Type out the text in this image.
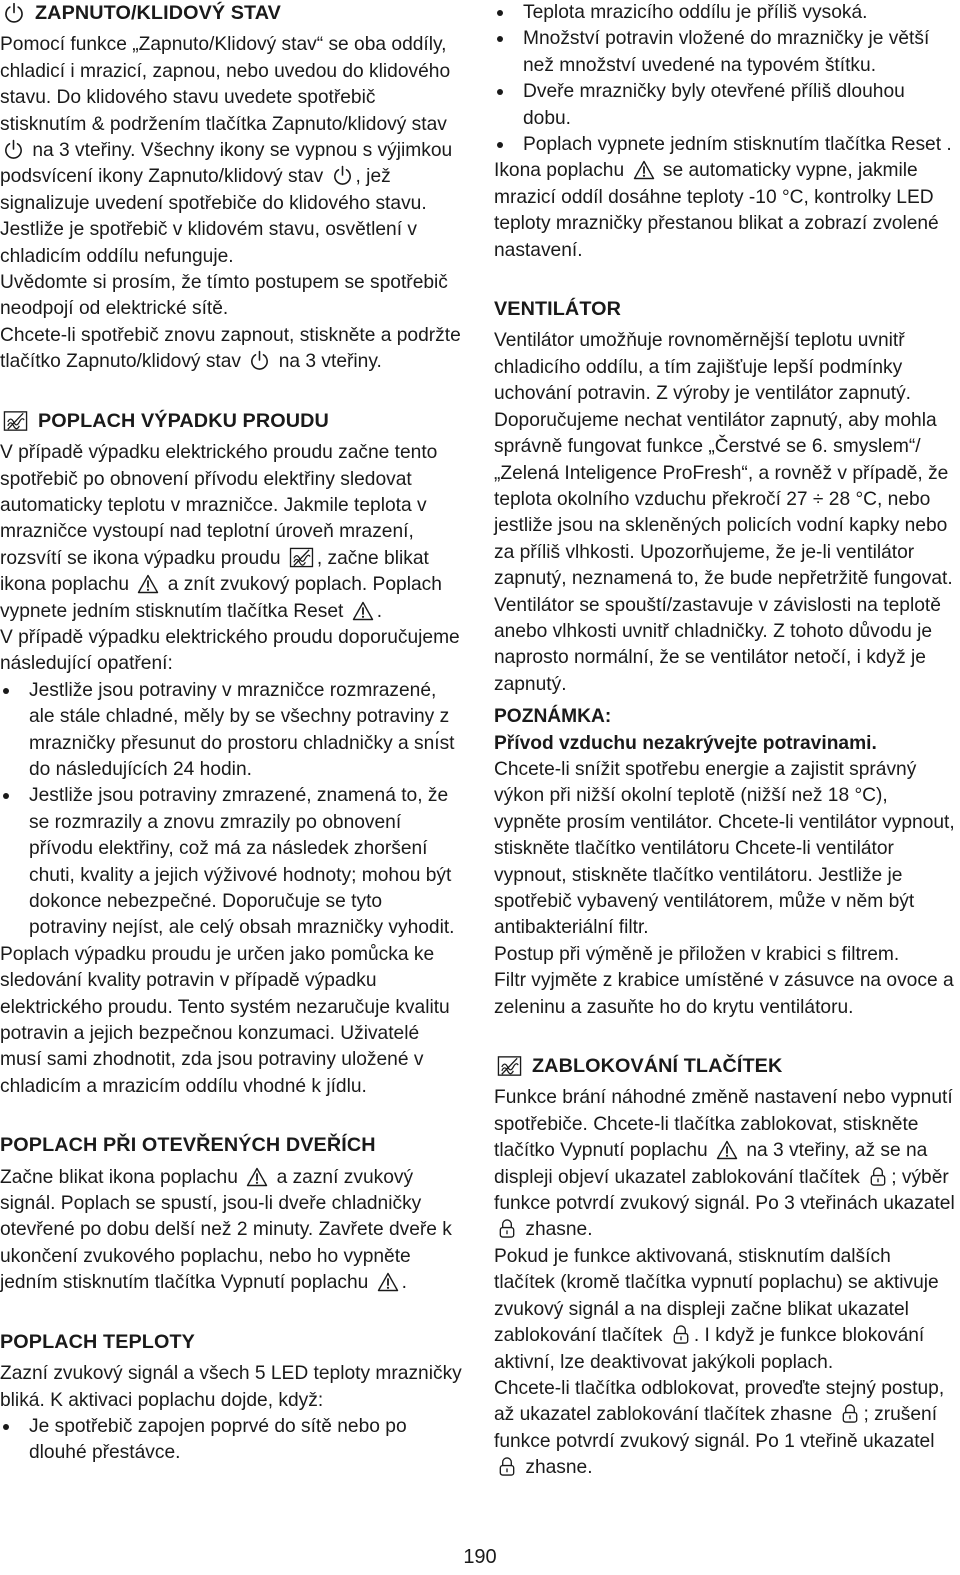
ZAPNUTO/KLIDOVÝ STAV

Pomocí funkce „Zapnuto/Klidový stav“ se oba oddíly, chladicí i mrazicí, zapnou, nebo uvedou do klidového stavu. Do klidového stavu uvedete spotřebič stisknutím & podržením tlačítka Zapnuto/klidový stav  na 3 vteřiny. Všechny ikony se vypnou s výjimkou podsvícení ikony Zapnuto/klidový stav , jež signalizuje uvedení spotřebiče do klidového stavu.

Jestliže je spotřebič v klidovém stavu, osvětlení v chladicím oddílu nefunguje.

Uvědomte si prosím, že tímto postupem se spotřebič neodpojí od elektrické sítě.

Chcete-li spotřebič znovu zapnout, stiskněte a podržte tlačítko Zapnuto/klidový stav na 3 vteřiny.

POPLACH VÝPADKU PROUDU

V případě výpadku elektrického proudu začne tento spotřebič po obnovení přívodu elektřiny sledovat automaticky teplotu v mrazničce. Jakmile teplota v mrazničce vystoupí nad teplotní úroveň mrazení, rozsvítí se ikona výpadku proudu , začne blikat ikona poplachu a znít zvukový poplach. Poplach vypnete jedním stisknutím tlačítka Reset .

V případě výpadku elektrického proudu doporučujeme následující opatření:

Jestliže jsou potraviny v mrazničce rozmrazené, ale stále chladné, měly by se všechny potraviny z mrazničky přesunut do prostoru chladničky a snı́st do následujících 24 hodin.
Jestliže jsou potraviny zmrazené, znamená to, že se rozmrazily a znovu zmrazily po obnovení přívodu elektřiny, což má za následek zhoršení chuti, kvality a jejich výživové hodnoty; mohou být dokonce nebezpečné. Doporučuje se tyto potraviny nejíst, ale celý obsah mrazničky vyhodit.

Poplach výpadku proudu je určen jako pomůcka ke sledování kvality potravin v případě výpadku elektrického proudu. Tento systém nezaručuje kvalitu potravin a jejich bezpečnou konzumaci. Uživatelé musí sami zhodnotit, zda jsou potraviny uložené v chladicím a mrazicím oddílu vhodné k jídlu.

POPLACH PŘI OTEVŘENÝCH DVEŘÍCH

Začne blikat ikona poplachu a zazní zvukový signál. Poplach se spustí, jsou-li dveře chladničky otevřené po dobu delší než 2 minuty. Zavřete dveře k ukončení zvukového poplachu, nebo ho vypněte jedním stisknutím tlačítka Vypnutí poplachu .

POPLACH TEPLOTY

Zazní zvukový signál a všech 5 LED teploty mrazničky bliká. K aktivaci poplachu dojde, když:

Je spotřebič zapojen poprvé do sítě nebo po dlouhé přestávce.
Teplota mrazicího oddílu je příliš vysoká.
Množství potravin vložené do mrazničky je větší než množství uvedené na typovém štítku.
Dveře mrazničky byly otevřené příliš dlouhou dobu.
Poplach vypnete jedním stisknutím tlačítka Reset .

Ikona poplachu se automaticky vypne, jakmile mrazicí oddíl dosáhne teploty -10 °C, kontrolky LED teploty mrazničky přestanou blikat a zobrazí zvolené nastavení.

VENTILÁTOR

Ventilátor umožňuje rovnoměrnější teplotu uvnitř chladicího oddílu, a tím zajišťuje lepší podmínky uchování potravin. Z výroby je ventilátor zapnutý. Doporučujeme nechat ventilátor zapnutý, aby mohla správně fungovat funkce „Čerstvé se 6. smyslem“/„Zelená Inteligence ProFresh“, a rovněž v případě, že teplota okolního vzduchu překročí 27 ÷ 28 °C, nebo jestliže jsou na skleněných policích vodní kapky nebo za příliš vlhkosti. Upozorňujeme, že je-li ventilátor zapnutý, neznamená to, že bude nepřetržitě fungovat. Ventilátor se spouští/zastavuje v závislosti na teplotě anebo vlhkosti uvnitř chladničky. Z tohoto důvodu je naprosto normální, že se ventilátor netočí, i když je zapnutý.

POZNÁMKA:

Přívod vzduchu nezakrývejte potravinami.

Chcete-li snížit spotřebu energie a zajistit správný výkon při nižší okolní teplotě (nižší než 18 °C), vypněte prosím ventilátor. Chcete-li ventilátor vypnout, stiskněte tlačítko ventilátoru Chcete-li ventilátor vypnout, stiskněte tlačítko ventilátoru. Jestliže je spotřebič vybavený ventilátorem, může v něm být antibakteriální filtr.

Postup při výměně je přiložen v krabici s filtrem.

Filtr vyjměte z krabice umístěné v zásuvce na ovoce a zeleninu a zasuňte ho do krytu ventilátoru.

ZABLOKOVÁNÍ TLAČÍTEK

Funkce brání náhodné změně nastavení nebo vypnutí spotřebiče. Chcete-li tlačítka zablokovat, stiskněte tlačítko Vypnutí poplachu na 3 vteřiny, až se na displeji objeví ukazatel zablokování tlačítek ; výběr funkce potvrdí zvukový signál. Po 3 vteřinách ukazatel  zhasne.

Pokud je funkce aktivovaná, stisknutím dalších tlačítek (kromě tlačítka vypnutí poplachu) se aktivuje zvukový signál a na displeji začne blikat ukazatel zablokování tlačítek . I když je funkce blokování aktivní, lze deaktivovat jakýkoli poplach.

Chcete-li tlačítka odblokovat, proveďte stejný postup, až ukazatel zablokování tlačítek zhasne ; zrušení funkce potvrdí zvukový signál. Po 1 vteřině ukazatel  zhasne.

190
